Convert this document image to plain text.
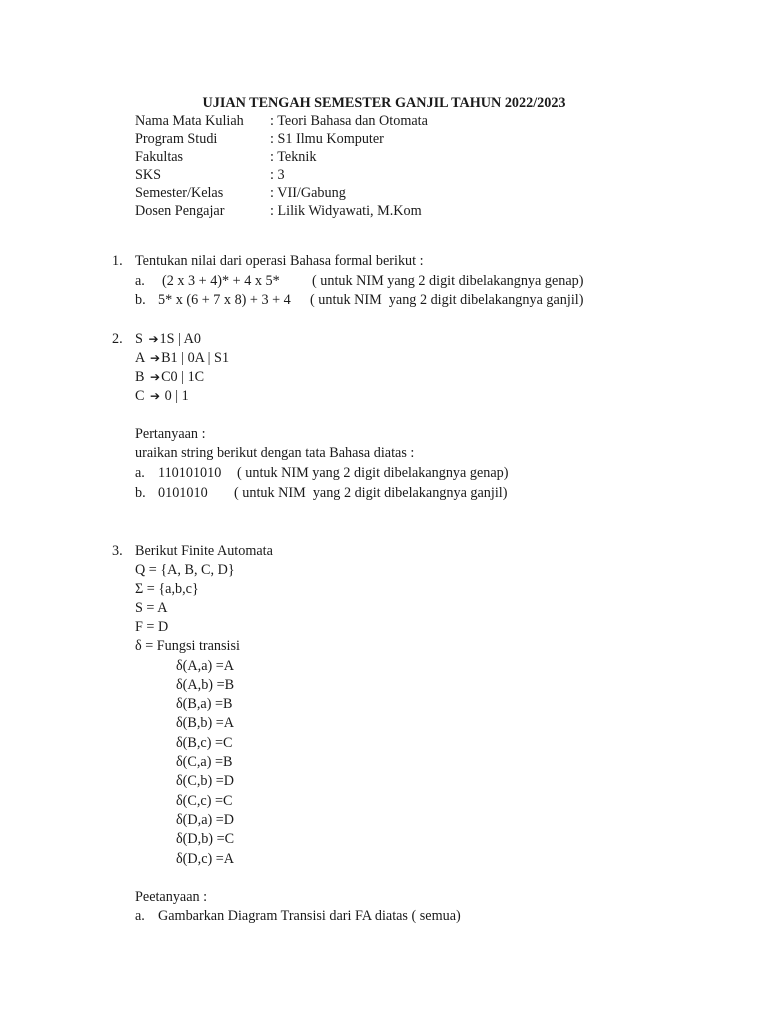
UJIAN TENGAH SEMESTER GANJIL TAHUN 2022/2023
Nama Mata Kuliah : Teori Bahasa dan Otomata
Program Studi	: S1 Ilmu Komputer
Fakultas	: Teknik
SKS	: 3
Semester/Kelas	: VII/Gabung
Dosen Pengajar	: Lilik Widyawati, M.Kom
1. Tentukan nilai dari operasi Bahasa formal berikut :
a. (2 x 3 + 4)* + 4 x 5* ( untuk NIM yang 2 digit dibelakangnya genap)
b. 5* x (6 + 7 x 8) + 3 + 4 ( untuk NIM  yang 2 digit dibelakangnya ganjil)
2. S ➔1S | A0
A ➔B1 | 0A | S1
B ➔C0 | 1C
C ➔ 0 | 1
Pertanyaan :
uraikan string berikut dengan tata Bahasa diatas :
a. 110101010 ( untuk NIM yang 2 digit dibelakangnya genap)
b. 0101010 ( untuk NIM  yang 2 digit dibelakangnya ganjil)
3. Berikut Finite Automata
Q = {A, B, C, D}
Σ = {a,b,c}
S = A
F = D
δ = Fungsi transisi
δ(A,a) =A
δ(A,b) =B
δ(B,a) =B
δ(B,b) =A
δ(B,c) =C
δ(C,a) =B
δ(C,b) =D
δ(C,c) =C
δ(D,a) =D
δ(D,b) =C
δ(D,c) =A
Peetanyaan :
a. Gambarkan Diagram Transisi dari FA diatas ( semua)
